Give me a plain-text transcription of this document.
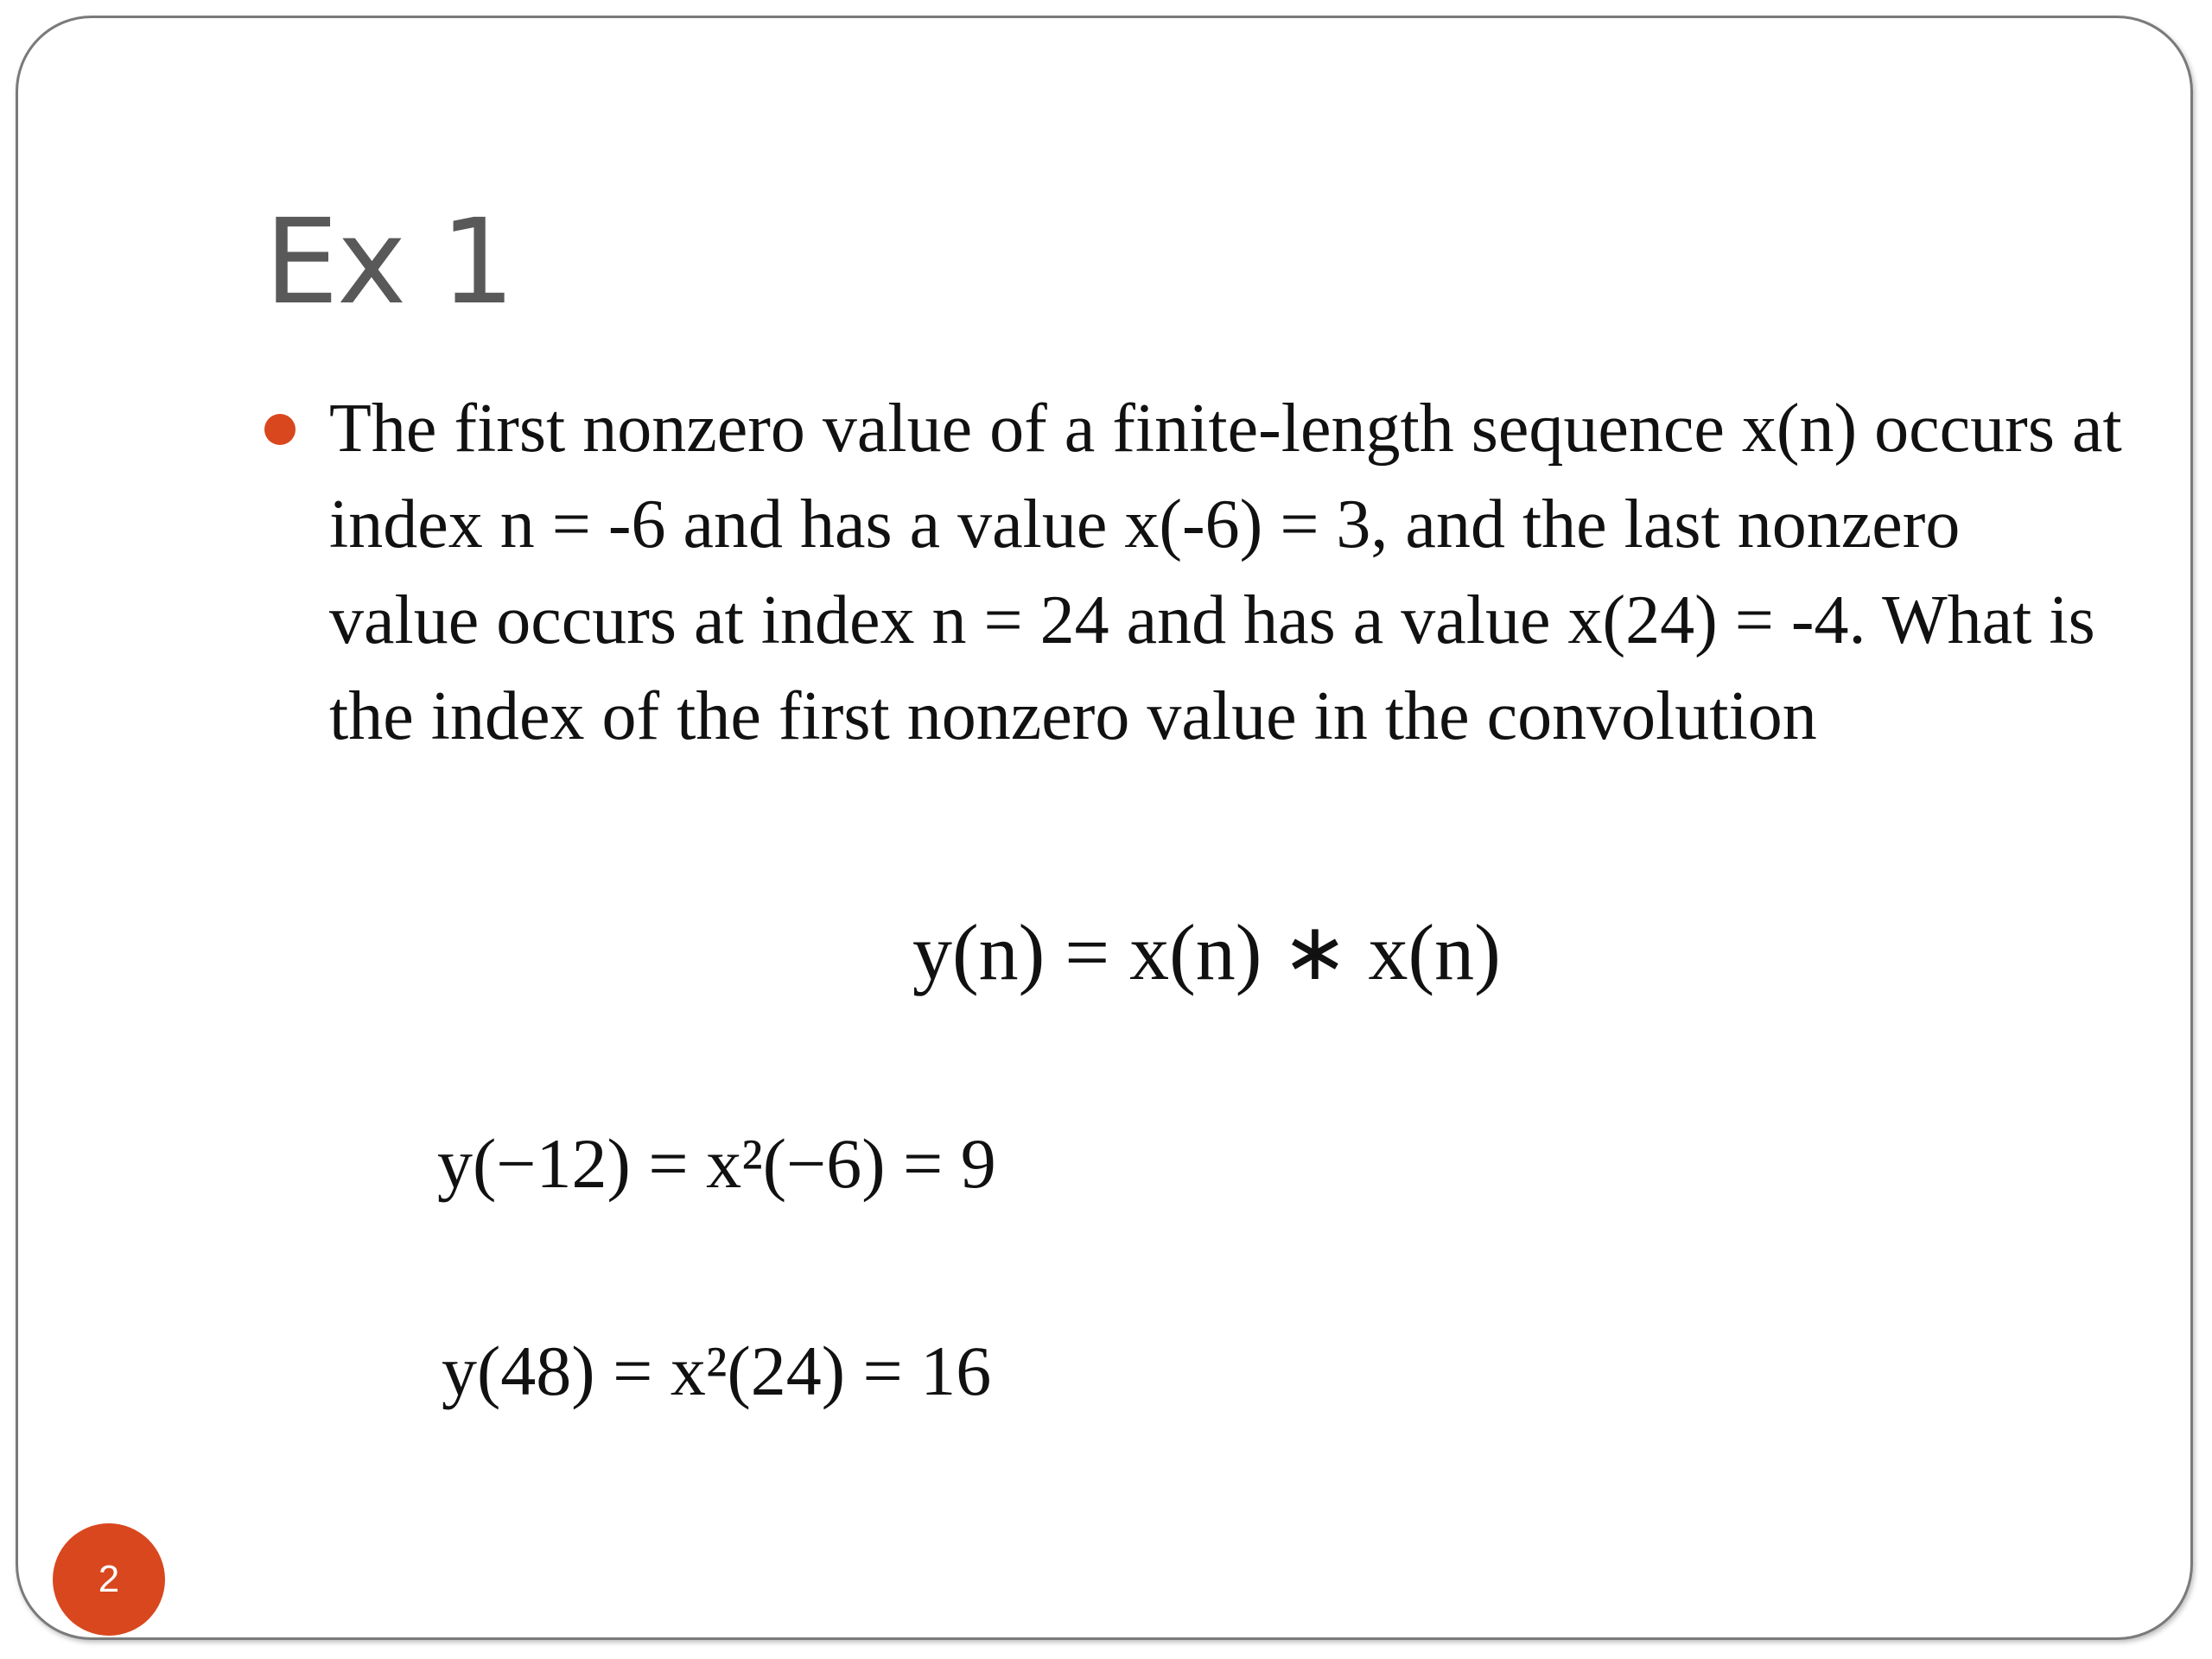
Ex 1

The first nonzero value of a finite-length sequence x(n) occurs at index n = -6 and has a value x(-6) = 3, and the last nonzero value occurs at index n = 24 and has a value x(24) = -4. What is the index of the first nonzero value in the convolution

y(n) = x(n) ∗ x(n)
y(−12) = x²(−6) = 9
y(48) = x²(24) = 16
2
